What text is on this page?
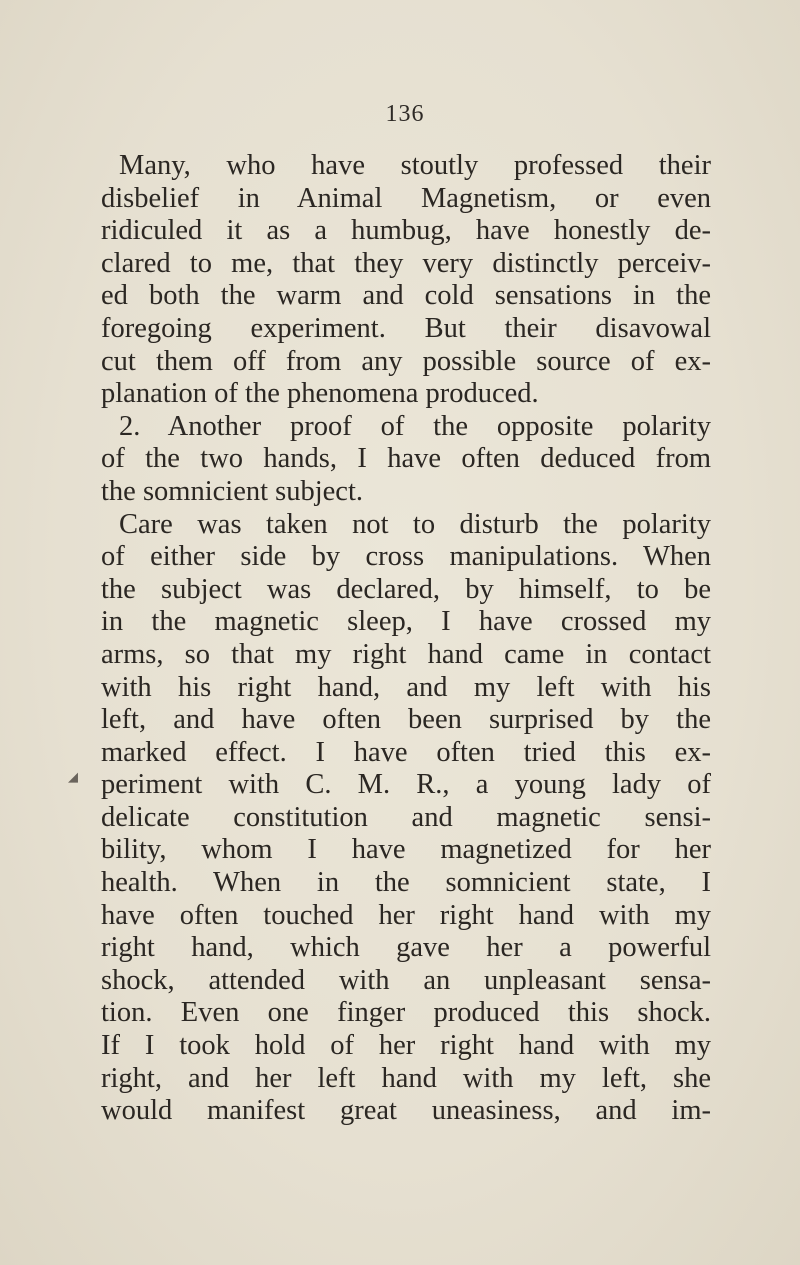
136
◢
Many, who have stoutly professed their
disbelief in Animal Magnetism, or even
ridiculed it as a humbug, have honestly de-
clared to me, that they very distinctly perceiv-
ed both the warm and cold sensations in the
foregoing experiment. But their disavowal
cut them off from any possible source of ex-
planation of the phenomena produced.
2. Another proof of the opposite polarity
of the two hands, I have often deduced from
the somnicient subject.
Care was taken not to disturb the polarity
of either side by cross manipulations. When
the subject was declared, by himself, to be
in the magnetic sleep, I have crossed my
arms, so that my right hand came in contact
with his right hand, and my left with his
left, and have often been surprised by the
marked effect. I have often tried this ex-
periment with C. M. R., a young lady of
delicate constitution and magnetic sensi-
bility, whom I have magnetized for her
health. When in the somnicient state, I
have often touched her right hand with my
right hand, which gave her a powerful
shock, attended with an unpleasant sensa-
tion. Even one finger produced this shock.
If I took hold of her right hand with my
right, and her left hand with my left, she
would manifest great uneasiness, and im-
